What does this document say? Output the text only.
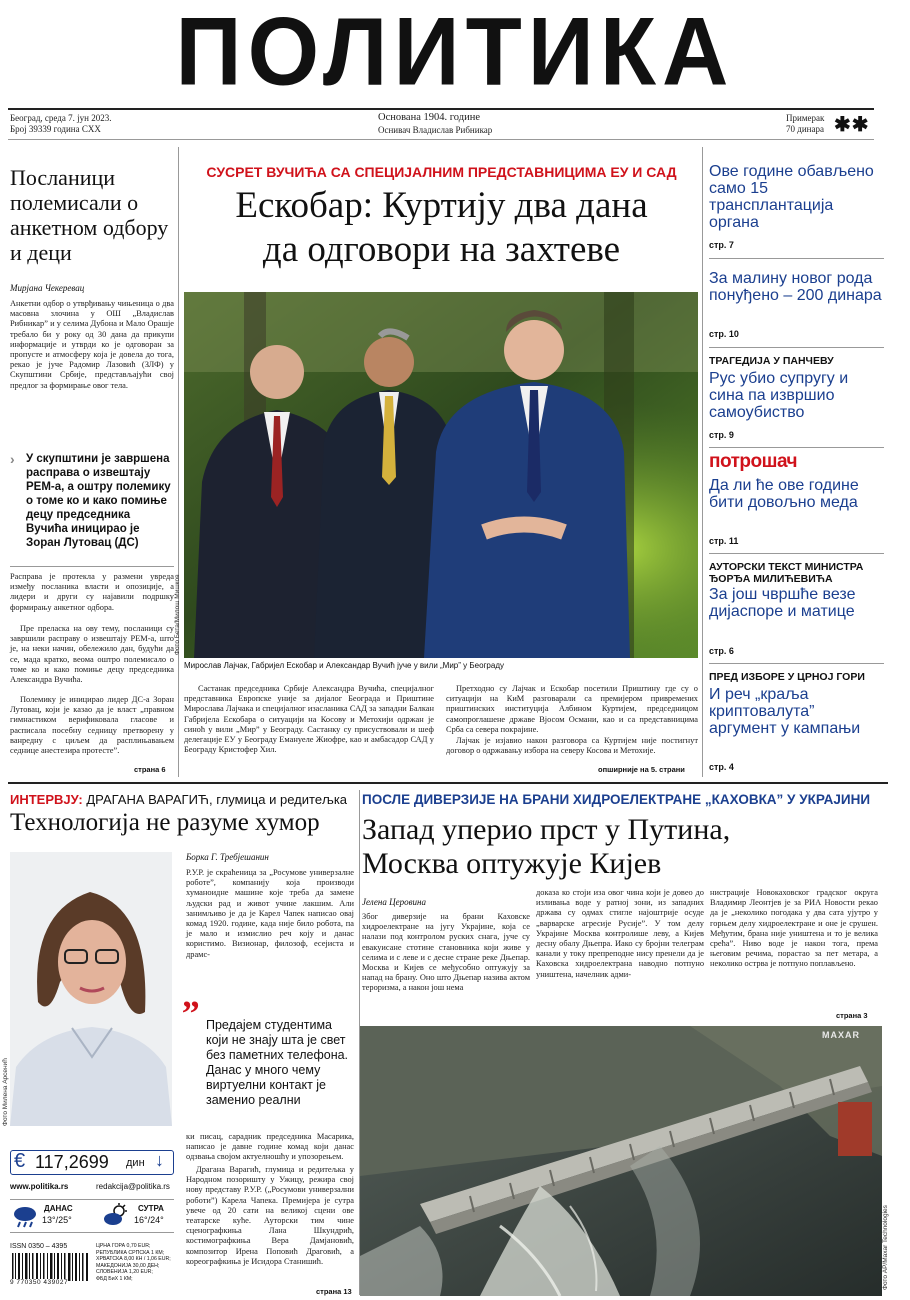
ПОЛИТИКА
Београд, среда 7. јун 2023.
Број 39339 година CXX
Основана 1904. године
Оснивач Владислав Рибникар
Примерак
70 динара ✱✱
Посланици полемисали о анкетном одбору и деци
Мирјана Чекеревац
Анкетни одбор о утврђивању чињеница о два масовна злочина у ОШ „Владислав Рибникар” и у селима Дубона и Мало Орашје требало би у року од 30 дана да прикупи информације и утврди ко је одговоран за пропусте и атмосферу која је довела до тога, рекао је јуче Радомир Лазовић (ЗЛФ) у Скупштини Србије, представљајући свој предлог за формирање овог тела.
› У скупштини је завршена расправа о извештају РЕМ-а, а оштру полемику о томе ко и како помиње децу председника Вучића иницирао је Зоран Лутовац (ДС)
Расправа је протекла у размени увреда између посланика власти и опозиције, а лидери и други су најавили подршку формирању анкетног одбора.
Пре преласка на ову тему, посланици су завршили расправу о извештају РЕМ-а, што је, на неки начин, обележило дан, будући да се, мада кратко, веома оштро полемисало о томе ко и како помиње децу председника Александра Вучића.
Полемику је иницирао лидер ДС-а Зоран Лутовац, који је казао да је власт „правном гимнастиком верификовала гласове и расписала посебну седницу претворену у ванредну с циљем да расплињавањем седнице анестезира протесте”.
страна 6
СУСРЕТ ВУЧИЋА СА СПЕЦИЈАЛНИМ ПРЕДСТАВНИЦИМА ЕУ И САД
Ескобар: Куртију два дана
да одговори на захтеве
Фото Бета/Милош Мишков
Мирослав Лајчак, Габријел Ескобар и Александар Вучић јуче у вили „Мир” у Београду
Састанак председника Србије Александра Вучића, специјалног представника Европске уније за дијалог Београда и Приштине Мирослава Лајчака и специјалног изасланика САД за западни Балкан Габријела Ескобара о ситуацији на Косову и Метохији одржан је синоћ у вили „Мир” у Београду. Састанку су присуствовали и шеф делегације ЕУ у Београду Емануеле Жиофре, као и амбасадор САД у Београду Кристофер Хил.
Претходно су Лајчак и Ескобар посетили Приштину где су о ситуацији на КиМ разговарали са премијером привремених приштинских институција Албином Куртијем, председницом самопроглашене државе Вјосом Османи, као и са представницима Срба са севера покрајине.
Лајчак је изјавио након разговора са Куртијем није постигнут договор о одржавању избора на северу Косова и Метохије.
опширније на 5. страни
Ове године обављено само 15 трансплантација органа
стр. 7
За малину новог рода понуђено – 200 динара
стр. 10
ТРАГЕДИЈА У ПАНЧЕВУ
Рус убио супругу и сина па извршио самоубиство
стр. 9
потрошач
Да ли ће ове године бити довољно меда
стр. 11
АУТОРСКИ ТЕКСТ МИНИСТРА ЂОРЂА МИЛИЋЕВИЋА
За још чвршће везе дијаспоре и матице
стр. 6
ПРЕД ИЗБОРЕ У ЦРНОЈ ГОРИ
И реч „краља криптовалута” аргумент у кампањи
стр. 4
ИНТЕРВЈУ: ДРАГАНА ВАРАГИЋ, глумица и редитељка
Технологија не разуме хумор
Фото Милена Арсенић
Борка Г. Требјешанин
Р.У.Р. је скраћеница за „Росумове универзалне роботе”, компанију која производи хуманоидне машине које треба да замене људски рад и живот учине лакшим. Али занимљиво је да је Карел Чапек написао овај комад 1920. године, када није било робота, па је мало и измислио реч коју и данас користимо. Визионар, филозоф, есејиста и драмс-
„
Предајем студентима који не знају шта је свет без паметних телефона. Данас у много чему виртуелни контакт је заменио реални
ки писац, сарадник председника Масарика, написао је давне године комад који данас одзвања својом актуелношћу и упозорењем.
Драгана Варагић, глумица и редитељка у Народном позоришту у Ужицу, режира свој нову представу Р.У.Р. („Росумови универзални роботи”) Карела Чапека. Премијера је сутра увече од 20 сати на великој сцени ове театарске куће. Ауторски тим чине сценографкиња Лана Шкундрић, костимографкиња Вера Дамјановић, композитор Ирена Поповић Драговић, а кореографкиња је Исидора Станишић.
страна 13
€ 117,2699 дин ↓
www.politika.rs	redakcija@politika.rs
ДАНАС
13°/25°
СУТРА
16°/24°
ISSN 0350 – 4395
9 770350 439027
ЦРНА ГОРА 0,70 EUR;
РЕПУБЛИКА СРПСКА 1 КМ;
ХРВАТСКА 8,00 КН / 1,06 EUR;
МАКЕДОНИЈА 30,00 ДЕН;
СЛОВЕНИЈА 1,20 EUR;
ФБД БиХ 1 КМ;
ПОСЛЕ ДИВЕРЗИЈЕ НА БРАНИ ХИДРОЕЛЕКТРАНЕ „КАХОВКА” У УКРАЈИНИ
Запад уперио прст у Путина,
Москва оптужује Кијев
Јелена Церовина
Због диверзије на брани Каховске хидроелектране на југу Украјине, која се налази под контролом руских снага, јуче су евакуисане стотине становника који живе у селима и с леве и с десне стране реке Дњепар. Москва и Кијев се међусобно оптужују за напад на брану. Оно што Дњепар назива актом тероризма, а након још нема
доказа ко стоји иза овог чина који је довео до изливања воде у ратној зони, из западних држава су одмах стигле најоштрије осуде „варварске агресије Русије”. У том делу Украјине Москва контролише леву, а Кијев десну обалу Дњепра. Иако су бројни телеграм канали у току препреподне нису пренели да је Каховска хидроелектрана наводно потпуно уништена, начелник адми-
нистрације Новокаховског градског округа Владимир Леонтјев је за РИА Новости рекао да је „неколико погодака у два сата ујутро у горњем делу хидроелектране и оне је срушен. Међутим, брана није уништена и то је велика срећа”. Ниво воде је након тога, према његовим речима, порастао за пет метара, а неколико острва је потпуно поплављено.
страна 3
MAXAR
Фото AP/Maxar Technologies
